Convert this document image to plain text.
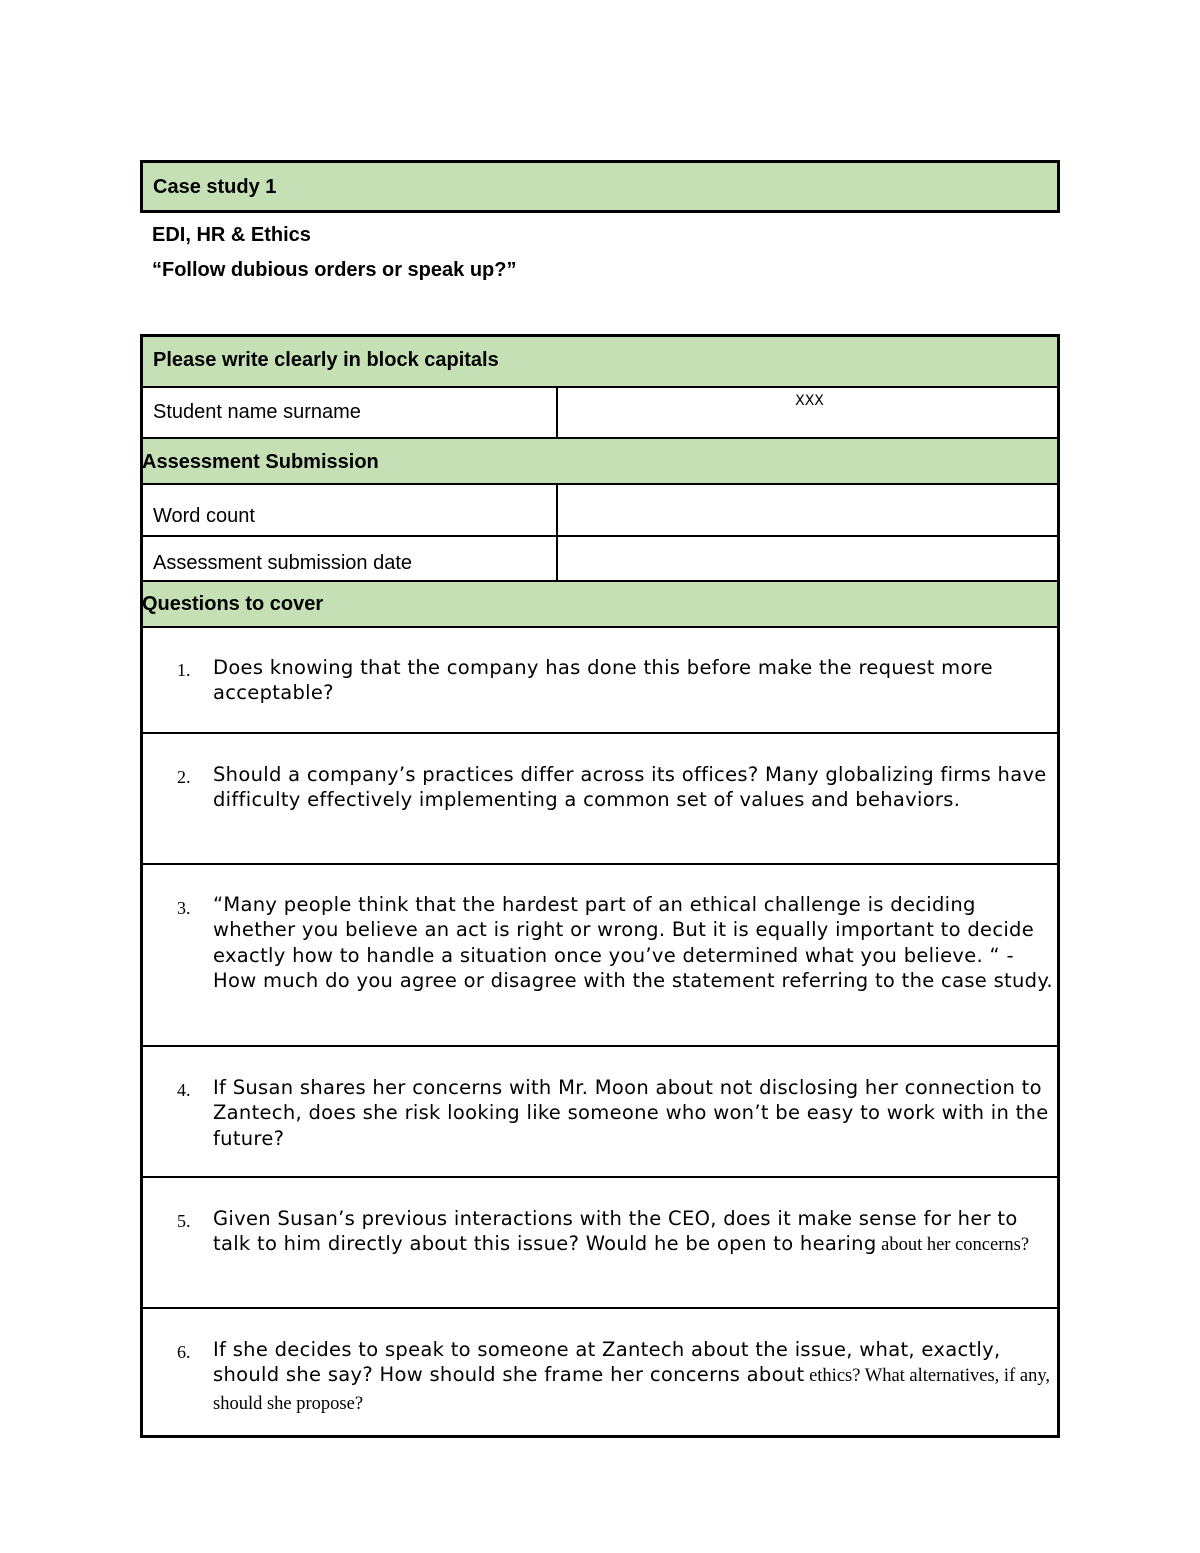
Case study 1
EDI, HR & Ethics
“Follow dubious orders or speak up?”
Please write clearly in block capitals
Student name surname	XXX
Assessment Submission
Word count
Assessment submission date
Questions to cover
1. Does knowing that the company has done this before make the request more acceptable?
2. Should a company’s practices differ across its offices? Many globalizing firms have difficulty effectively implementing a common set of values and behaviors.
3. “Many people think that the hardest part of an ethical challenge is deciding whether you believe an act is right or wrong. But it is equally important to decide exactly how to handle a situation once you’ve determined what you believe. “ - How much do you agree or disagree with the statement referring to the case study.
4. If Susan shares her concerns with Mr. Moon about not disclosing her connection to Zantech, does she risk looking like someone who won’t be easy to work with in the future?
5. Given Susan’s previous interactions with the CEO, does it make sense for her to talk to him directly about this issue? Would he be open to hearing about her concerns?
6. If she decides to speak to someone at Zantech about the issue, what, exactly, should she say? How should she frame her concerns about ethics? What alternatives, if any, should she propose?
